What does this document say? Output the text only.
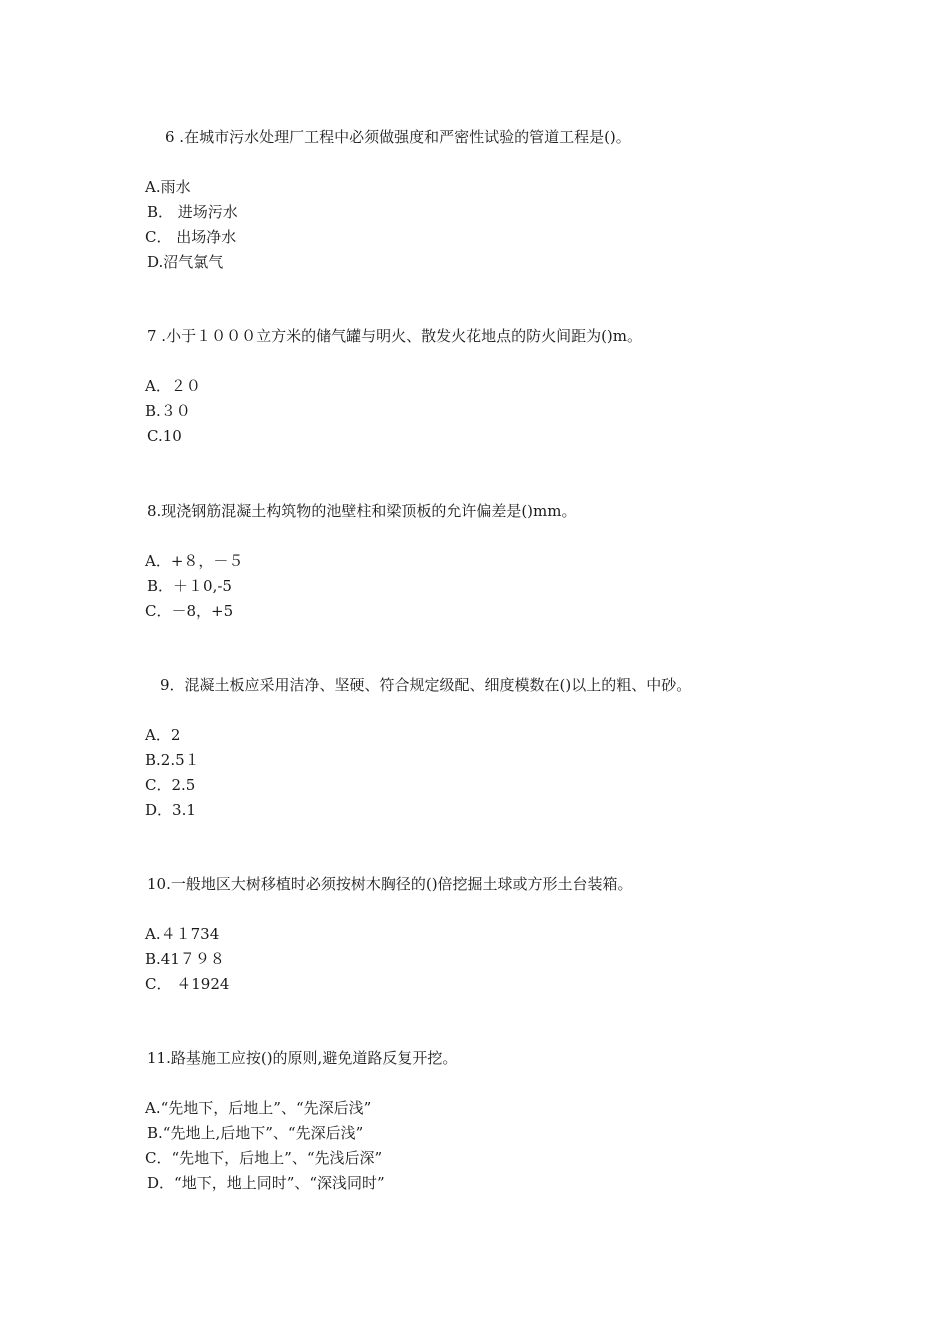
6 .在城市污水处理厂工程中必须做强度和严密性试验的管道工程是()。
A.雨水
B． 进场污水
C． 出场净水
D.沼气氯气
7 .小于１０００立方米的储气罐与明火、散发火花地点的防火间距为()m。
A．２０
B.３０
C.10
8.现浇钢筋混凝土构筑物的池壁柱和梁顶板的允许偏差是()mm。
A．+８，－５
B．＋１0,-5
C．－8，+5
9．混凝土板应采用洁净、坚硬、符合规定级配、细度模数在()以上的粗、中砂。
A．2
B.2.5１
C．2.5
D．3.1
10.一般地区大树移植时必须按树木胸径的()倍挖掘土球或方形土台装箱。
A.４１734
B.41７９８
C． ４1924
11.路基施工应按()的原则,避免道路反复开挖。
A.“先地下，后地上”、“先深后浅”
B.“先地上,后地下”、“先深后浅”
C．“先地下，后地上”、“先浅后深”
D．“地下，地上同时”、“深浅同时”
